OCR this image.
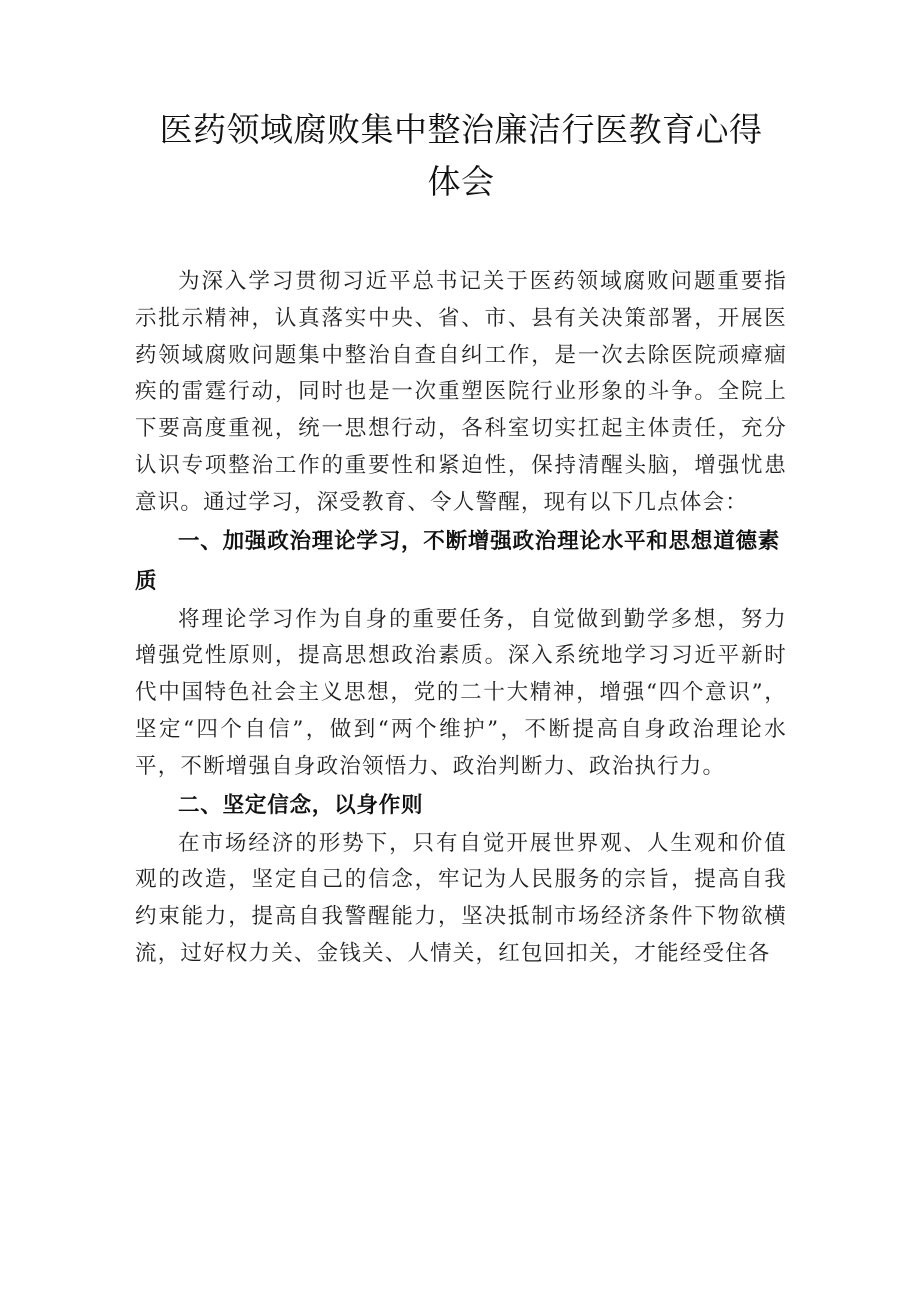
医药领域腐败集中整治廉洁行医教育心得
体会

为深入学习贯彻习近平总书记关于医药领域腐败问题重要指示批示精神，认真落实中央、省、市、县有关决策部署，开展医药领域腐败问题集中整治自查自纠工作，是一次去除医院顽瘴痼疾的雷霆行动，同时也是一次重塑医院行业形象的斗争。全院上下要高度重视，统一思想行动，各科室切实扛起主体责任，充分认识专项整治工作的重要性和紧迫性，保持清醒头脑，增强忧患意识。通过学习，深受教育、令人警醒，现有以下几点体会：

一、加强政治理论学习，不断增强政治理论水平和思想道德素质

将理论学习作为自身的重要任务，自觉做到勤学多想，努力增强党性原则，提高思想政治素质。深入系统地学习习近平新时代中国特色社会主义思想，党的二十大精神，增强“四个意识”，坚定“四个自信”，做到“两个维护”，不断提高自身政治理论水平，不断增强自身政治领悟力、政治判断力、政治执行力。

二、坚定信念，以身作则

在市场经济的形势下，只有自觉开展世界观、人生观和价值观的改造，坚定自己的信念，牢记为人民服务的宗旨，提高自我约束能力，提高自我警醒能力，坚决抵制市场经济条件下物欲横流，过好权力关、金钱关、人情关，红包回扣关，才能经受住各
